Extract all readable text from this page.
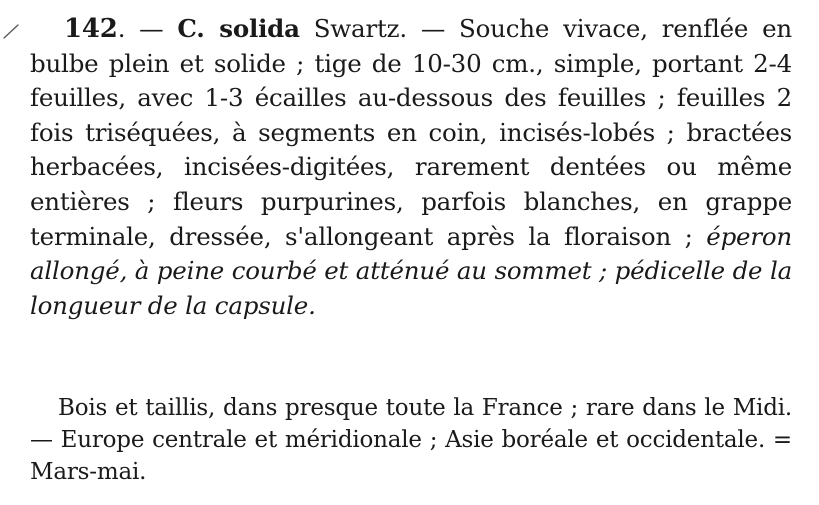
142. — C. solida Swartz. — Souche vivace, renflée en bulbe plein et solide ; tige de 10-30 cm., simple, portant 2-4 feuilles, avec 1-3 écailles au-dessous des feuilles ; feuilles 2 fois triséquées, à segments en coin, incisés-lobés ; bractées herbacées, incisées-digitées, rarement dentées ou même entières ; fleurs purpurines, parfois blanches, en grappe terminale, dressée, s'allongeant après la floraison ; éperon allongé, à peine courbé et atténué au sommet ; pédicelle de la longueur de la capsule.
Bois et taillis, dans presque toute la France ; rare dans le Midi. — Europe centrale et méridionale ; Asie boréale et occidentale. = Mars-mai.
